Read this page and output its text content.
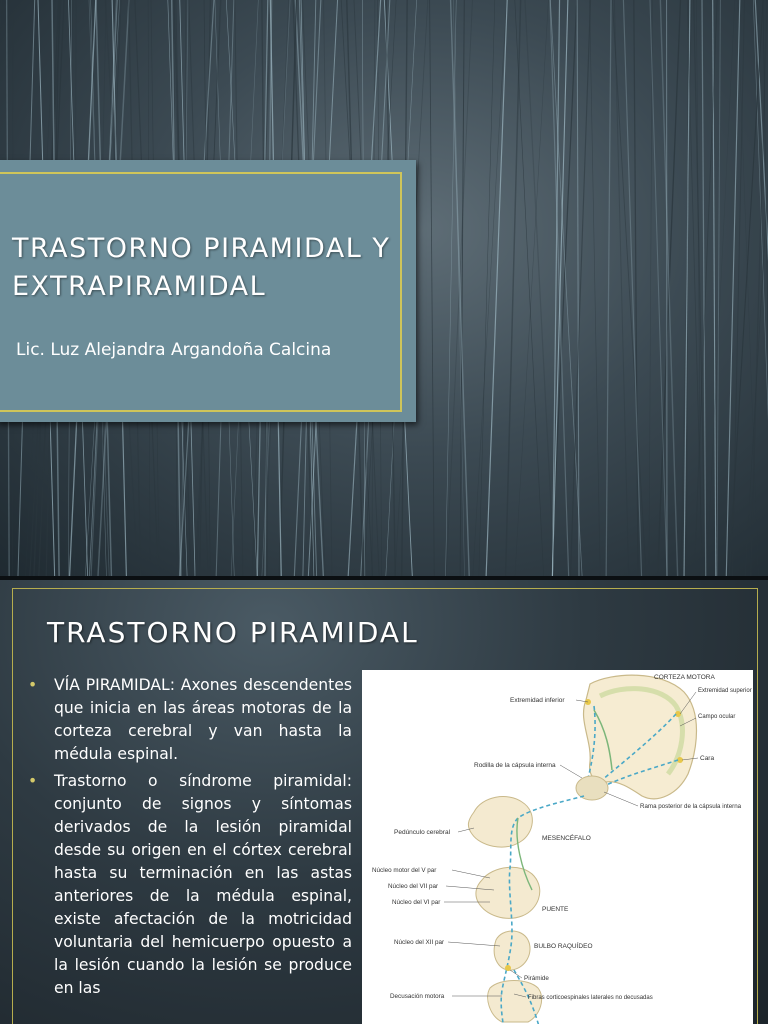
TRASTORNO PIRAMIDAL Y EXTRAPIRAMIDAL
Lic. Luz Alejandra Argandoña Calcina
TRASTORNO PIRAMIDAL
• VÍA PIRAMIDAL: Axones descendentes que inicia en las áreas motoras de la corteza cerebral y van hasta la médula espinal.
• Trastorno o síndrome piramidal: conjunto de signos y síntomas derivados de la lesión piramidal desde su origen en el córtex cerebral hasta su terminación en las astas anteriores de la médula espinal, existe afectación de la motricidad voluntaria del hemicuerpo opuesto a la lesión cuando la lesión se produce en las
CORTEZA MOTORA
Extremidad inferior
Extremidad superior
Campo ocular
Cara
Rodilla de la cápsula interna
Rama posterior de la cápsula interna
Pedúnculo cerebral
MESENCÉFALO
Núcleo motor del V par
Núcleo del VII par
Núcleo del VI par
PUENTE
Núcleo del XII par
BULBO RAQUÍDEO
Pirámide
Decusación motora	Fibras corticoespinales laterales no decusadas
